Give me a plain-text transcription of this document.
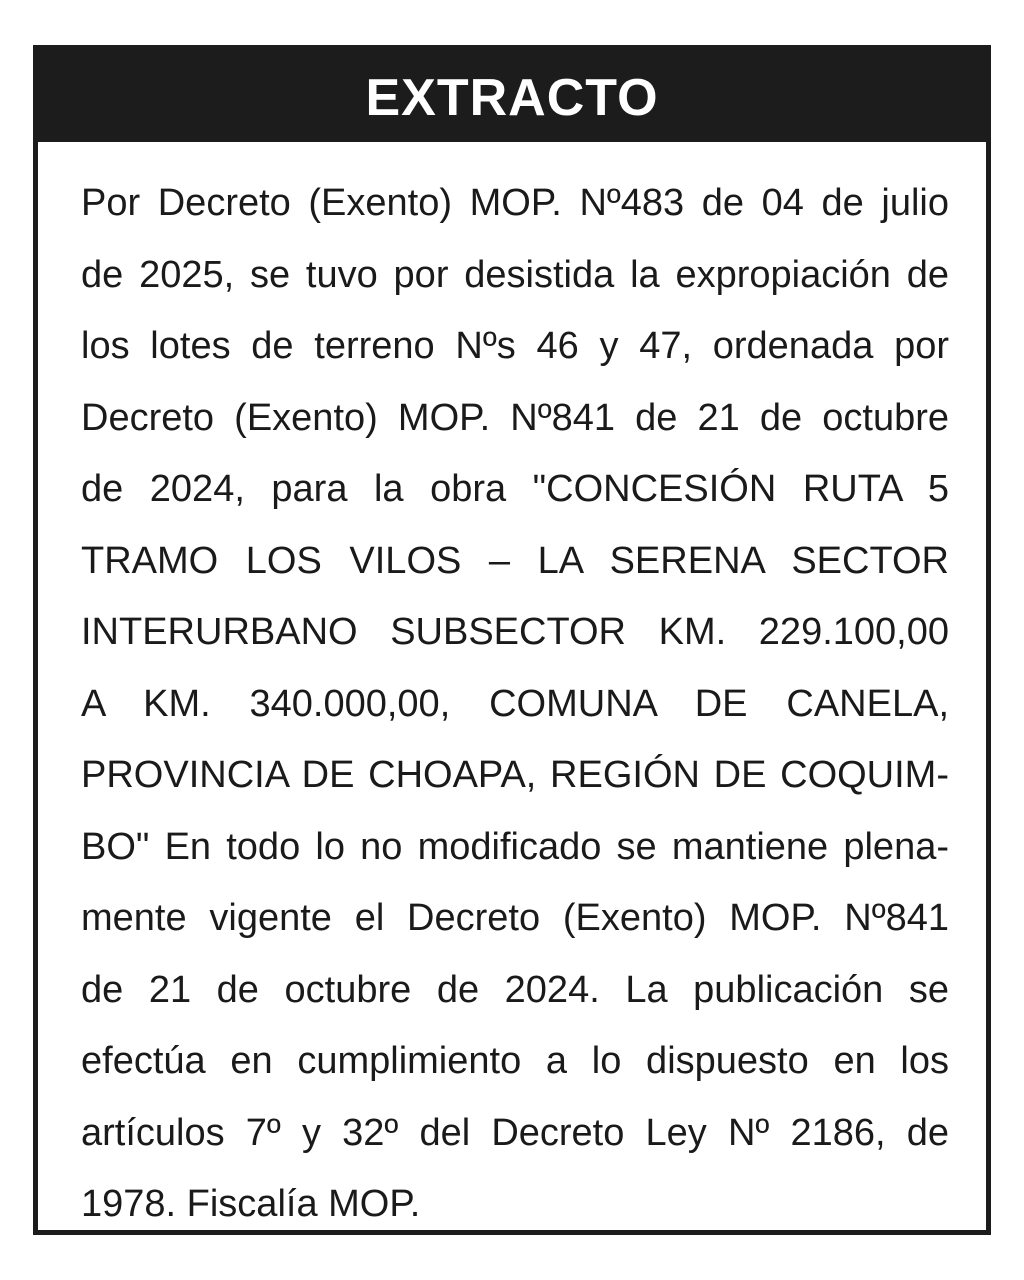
EXTRACTO
Por Decreto (Exento) MOP. Nº483 de 04 de julio
de 2025, se tuvo por desistida la expropiación de
los lotes de terreno Nºs 46 y 47, ordenada por
Decreto (Exento) MOP. Nº841 de 21 de octubre
de 2024, para la obra "CONCESIÓN RUTA 5
TRAMO LOS VILOS – LA SERENA SECTOR
INTERURBANO SUBSECTOR KM. 229.100,00
A KM. 340.000,00, COMUNA DE CANELA,
PROVINCIA DE CHOAPA, REGIÓN DE COQUIM-
BO" En todo lo no modificado se mantiene plena-
mente vigente el Decreto (Exento) MOP. Nº841
de 21 de octubre de 2024. La publicación se
efectúa en cumplimiento a lo dispuesto en los
artículos 7º y 32º del Decreto Ley Nº 2186, de
1978. Fiscalía MOP.
